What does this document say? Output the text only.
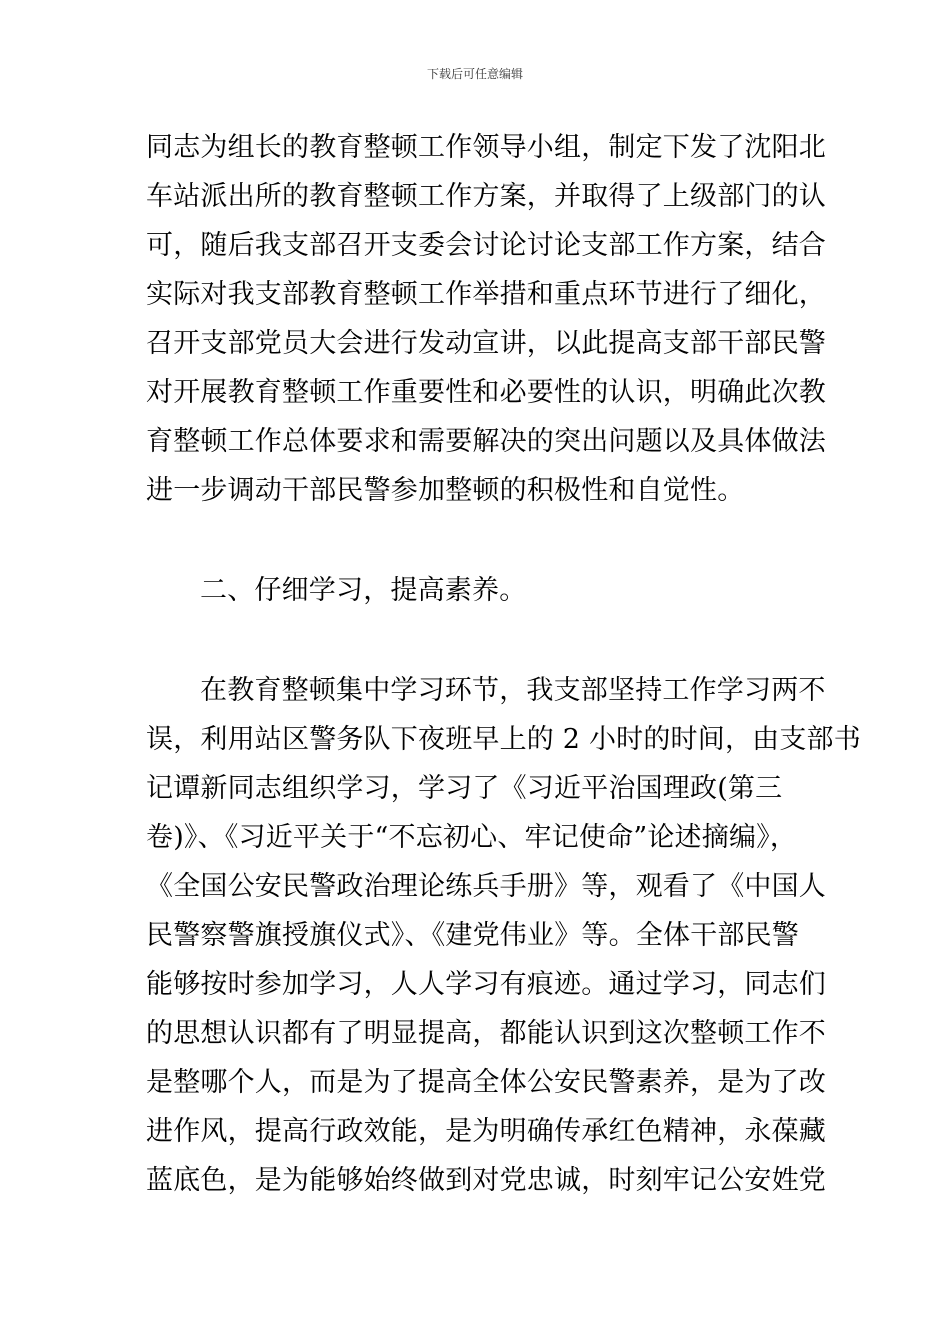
下载后可任意编辑
同志为组长的教育整顿工作领导小组，制定下发了沈阳北
车站派出所的教育整顿工作方案，并取得了上级部门的认
可，随后我支部召开支委会讨论讨论支部工作方案，结合
实际对我支部教育整顿工作举措和重点环节进行了细化，
召开支部党员大会进行发动宣讲，以此提高支部干部民警
对开展教育整顿工作重要性和必要性的认识，明确此次教
育整顿工作总体要求和需要解决的突出问题以及具体做法
进一步调动干部民警参加整顿的积极性和自觉性。
二、仔细学习，提高素养。
在教育整顿集中学习环节，我支部坚持工作学习两不
误，利用站区警务队下夜班早上的 2 小时的时间，由支部书
记谭新同志组织学习，学习了《习近平治国理政(第三
卷)》、《习近平关于“不忘初心、牢记使命”论述摘编》，
《全国公安民警政治理论练兵手册》等，观看了《中国人
民警察警旗授旗仪式》、《建党伟业》等。全体干部民警
能够按时参加学习，人人学习有痕迹。通过学习，同志们
的思想认识都有了明显提高，都能认识到这次整顿工作不
是整哪个人，而是为了提高全体公安民警素养，是为了改
进作风，提高行政效能，是为明确传承红色精神，永葆藏
蓝底色，是为能够始终做到对党忠诚，时刻牢记公安姓党
